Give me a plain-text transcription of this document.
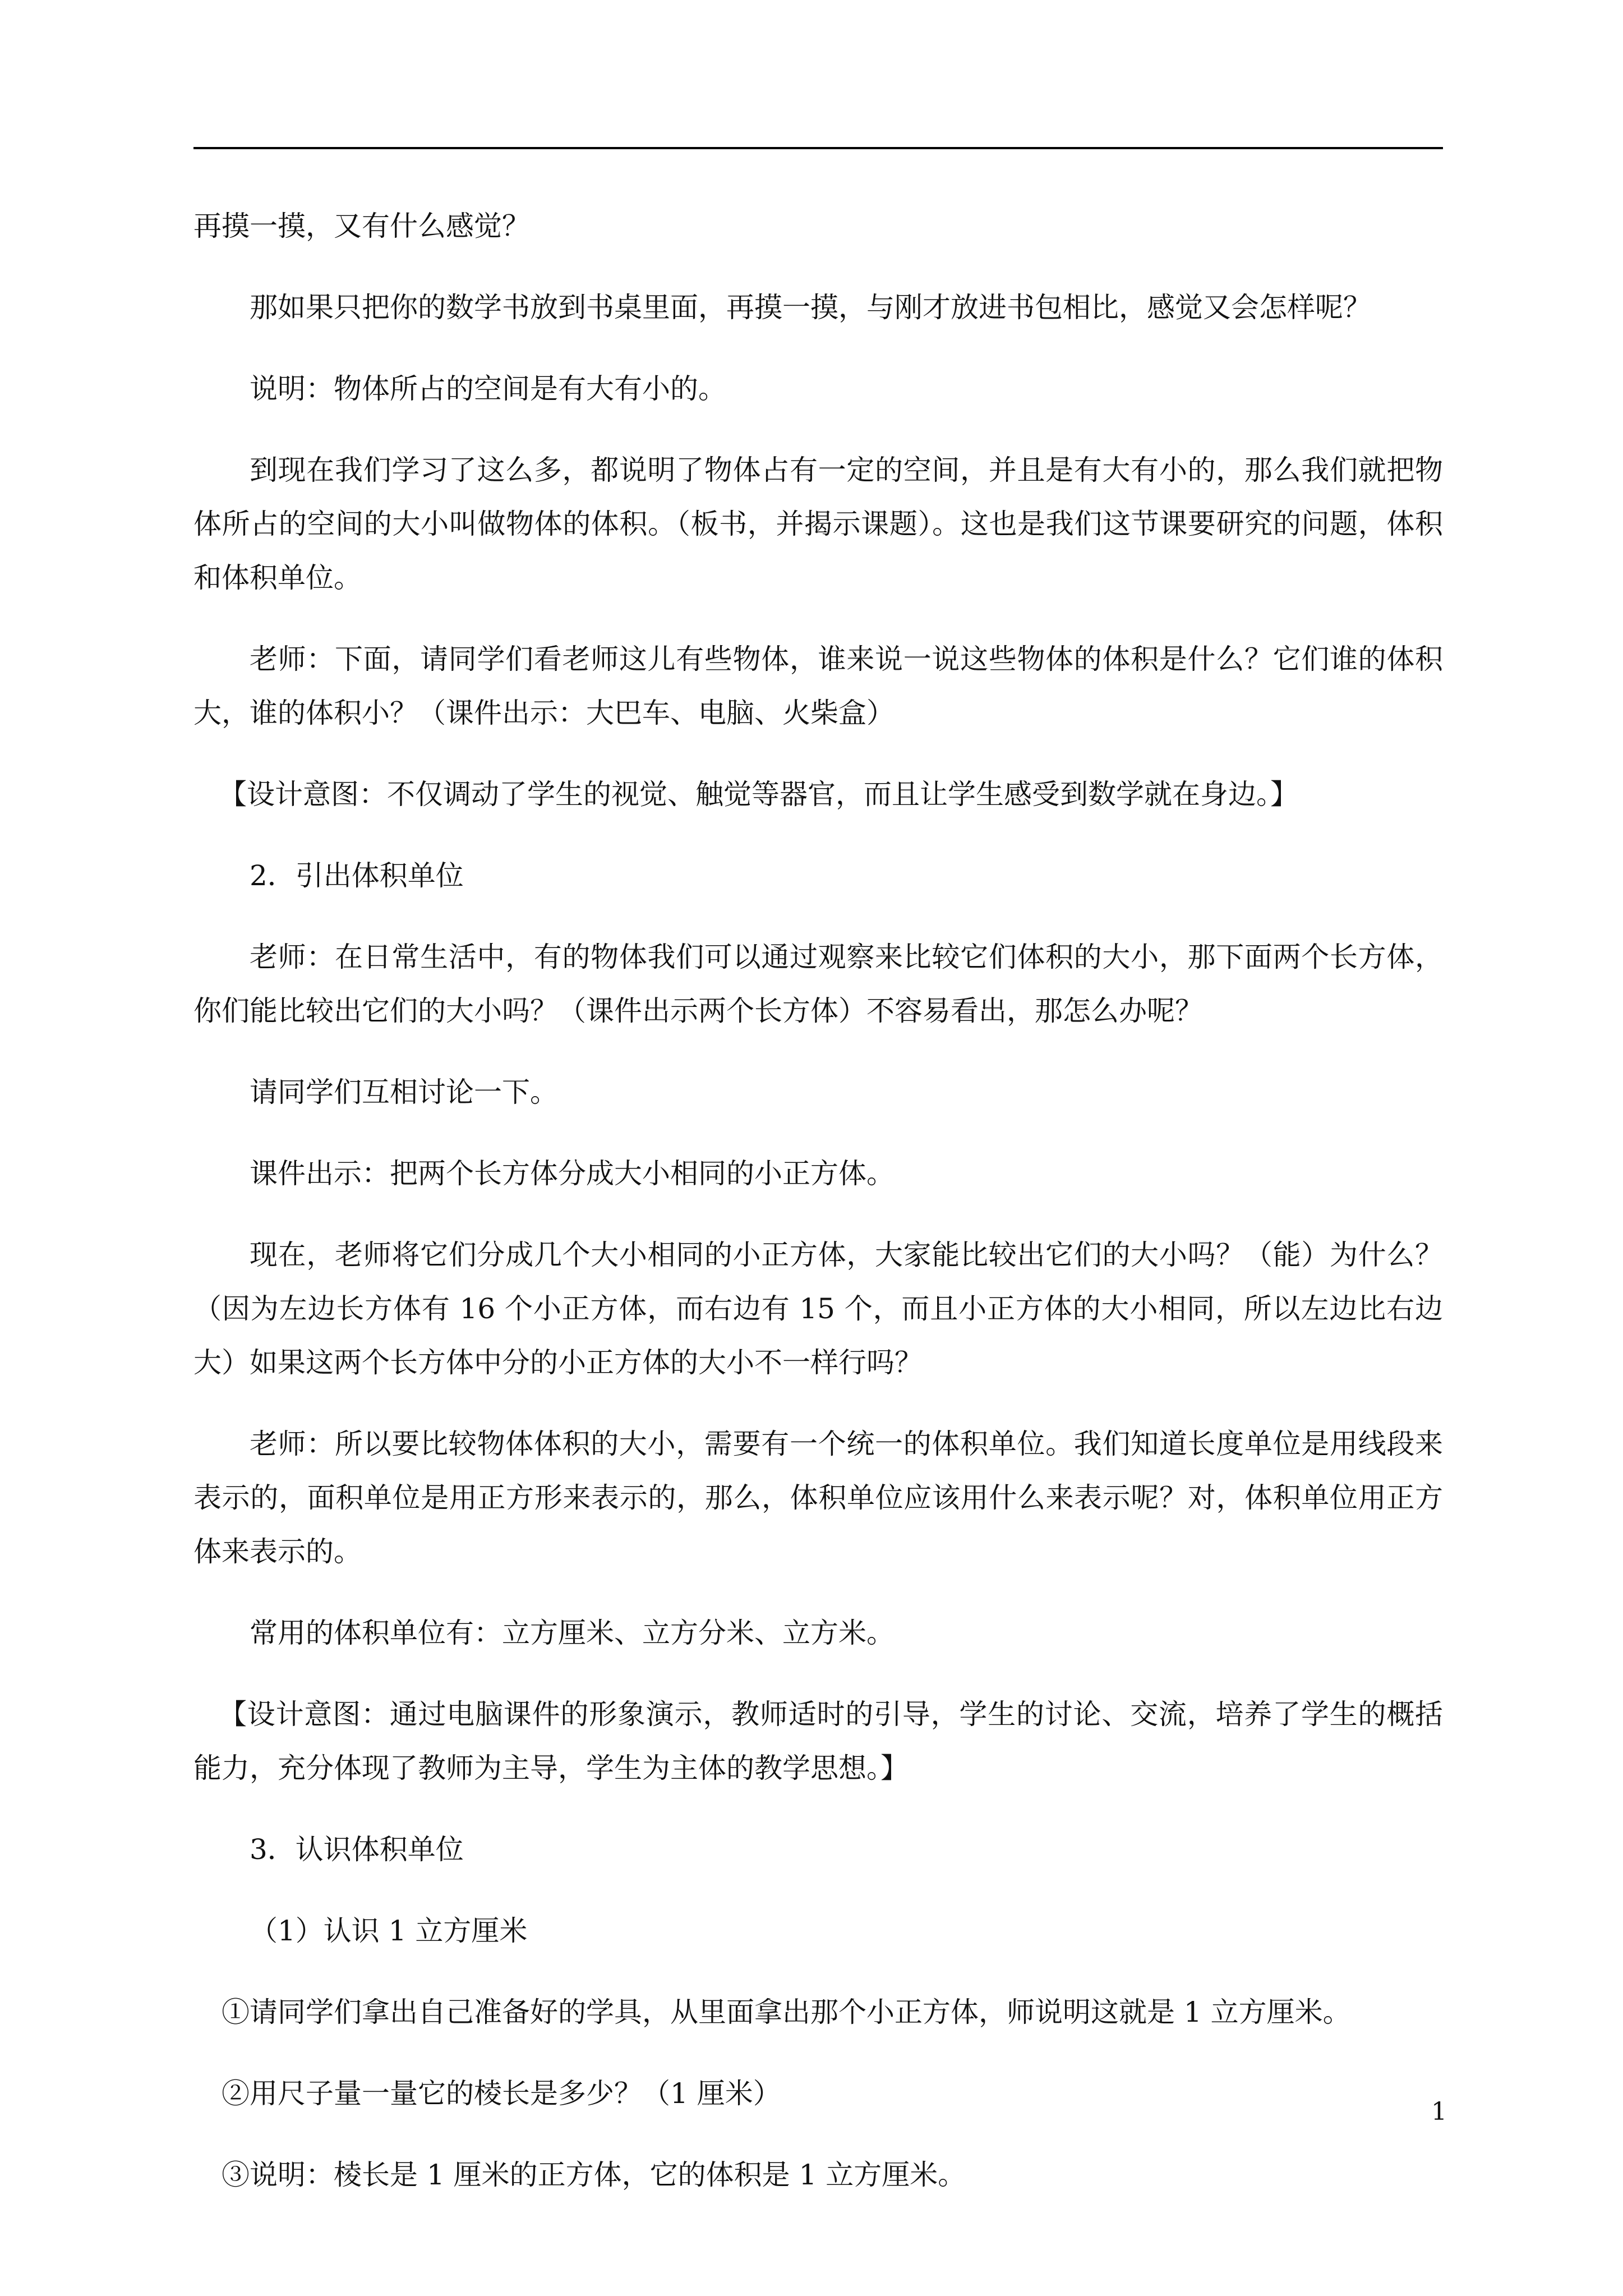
再摸一摸，又有什么感觉？

那如果只把你的数学书放到书桌里面，再摸一摸，与刚才放进书包相比，感觉又会怎样呢？

说明：物体所占的空间是有大有小的。

到现在我们学习了这么多，都说明了物体占有一定的空间，并且是有大有小的，那么我们就把物体所占的空间的大小叫做物体的体积。（板书，并揭示课题）。这也是我们这节课要研究的问题，体积和体积单位。

老师：下面，请同学们看老师这儿有些物体，谁来说一说这些物体的体积是什么？它们谁的体积大，谁的体积小？（课件出示：大巴车、电脑、火柴盒）

【设计意图：不仅调动了学生的视觉、触觉等器官，而且让学生感受到数学就在身边。】

2．引出体积单位

老师：在日常生活中，有的物体我们可以通过观察来比较它们体积的大小，那下面两个长方体，你们能比较出它们的大小吗？（课件出示两个长方体）不容易看出，那怎么办呢？

请同学们互相讨论一下。

课件出示：把两个长方体分成大小相同的小正方体。

现在，老师将它们分成几个大小相同的小正方体，大家能比较出它们的大小吗？（能）为什么？（因为左边长方体有 16 个小正方体，而右边有 15 个，而且小正方体的大小相同，所以左边比右边大）如果这两个长方体中分的小正方体的大小不一样行吗？

老师：所以要比较物体体积的大小，需要有一个统一的体积单位。我们知道长度单位是用线段来表示的，面积单位是用正方形来表示的，那么，体积单位应该用什么来表示呢？对，体积单位用正方体来表示的。

常用的体积单位有：立方厘米、立方分米、立方米。

【设计意图：通过电脑课件的形象演示，教师适时的引导，学生的讨论、交流，培养了学生的概括能力，充分体现了教师为主导，学生为主体的教学思想。】

3．认识体积单位

（1）认识 1 立方厘米

①请同学们拿出自己准备好的学具，从里面拿出那个小正方体，师说明这就是 1 立方厘米。

②用尺子量一量它的棱长是多少？（1 厘米）

③说明：棱长是 1 厘米的正方体，它的体积是 1 立方厘米。

1
